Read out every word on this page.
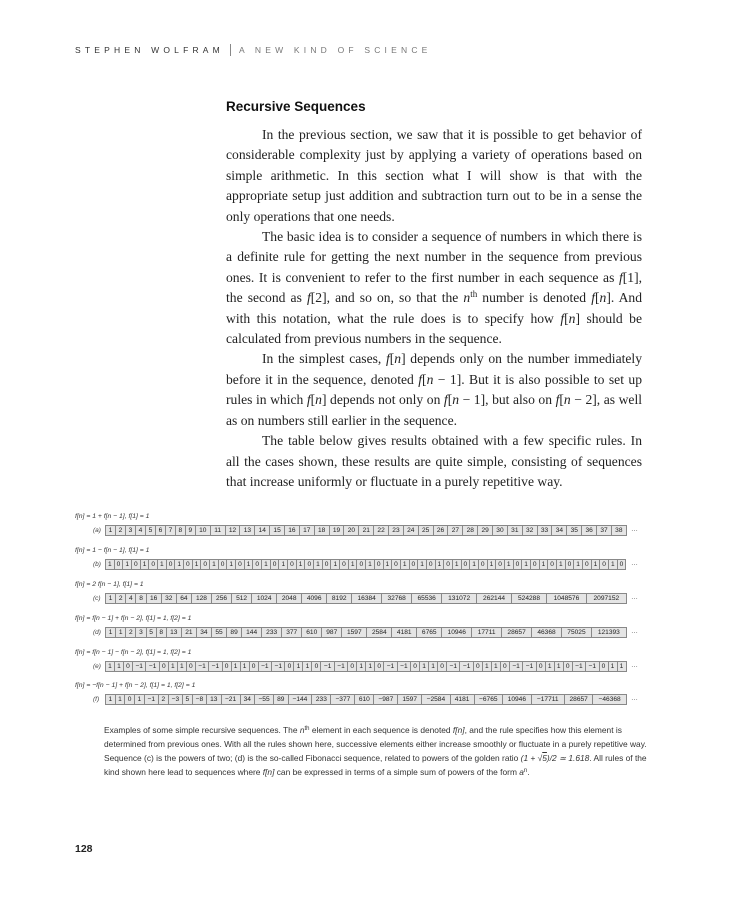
STEPHEN WOLFRAM A NEW KIND OF SCIENCE
Recursive Sequences

In the previous section, we saw that it is possible to get behavior of considerable complexity just by applying a variety of operations based on simple arithmetic. In this section what I will show is that with the appropriate setup just addition and subtraction turn out to be in a sense the only operations that one needs.

The basic idea is to consider a sequence of numbers in which there is a definite rule for getting the next number in the sequence from previous ones. It is convenient to refer to the first number in each sequence as f[1], the second as f[2], and so on, so that the $n^{th}$ number is denoted f[n]. And with this notation, what the rule does is to specify how f[n] should be calculated from previous numbers in the sequence.

In the simplest cases, f[n] depends only on the number immediately before it in the sequence, denoted f[n − 1]. But it is also possible to set up rules in which f[n] depends not only on f[n − 1], but also on f[n − 2], as well as on numbers still earlier in the sequence.

The table below gives results obtained with a few specific rules. In all the cases shown, these results are quite simple, consisting of sequences that increase uniformly or fluctuate in a purely repetitive way.

f[n] = 1 + f[n − 1], f[1] = 1
(a)	1 2 3 4 5 6 7 8 9	10	11	12	13	14	15	16	17	18	19	20	21	22	23	24	25	26	27	28	29	30	31	32	33	34	35	36	37	38	…
f[n] = 1 − f[n − 1], f[1] = 1
(b)	1 0 1 0 1 0 1 0 1 0 1 0 1 0 1 0 1 0 1 0 1 0 1 0 1 0 1 0 1 0 1 0 1 0 1 0 1 0 1 0 1 0 1 0 1 0 1 0 1 0 1 0 1 0 1 0 1 0 1 0	…
f[n] = 2 f[n − 1], f[1] = 1
(c)	1 2 4 8	16	32	64	128	256	512	1024	2048	4096	8192	16384	32768	65536	131072	262144	524288	1048576	2097152	…
f[n] = f[n − 1] + f[n − 2], f[1] = 1, f[2] = 1
(d)	1 1 2 3 5 8	13	21	34	55	89	144	233	377	610	987	1597	2584	4181	6765	10946	17711	28657	46368	75025	121393	…
f[n] = f[n − 1] − f[n − 2], f[1] = 1, f[2] = 1
(e)	1 1 0 −1 −1 0 1 1 0 −1 −1 0 1 1 0 −1 −1 0 1 1 0 −1 −1 0 1 1 0 −1 −1 0 1 1 0 −1 −1 0 1 1 0 −1 −1 0 1 1 0 −1 −1 0 1 1	…
f[n] = −f[n − 1] + f[n − 2], f[1] = 1, f[2] = 1
(f)	1 1 0 1 −1 2 −3 5 −8	13	−21	34	−55	89	−144	233	−377	610	−987	1597	−2584	4181	−6765	10946	−17711	28657	−46368	…
Examples of some simple recursive sequences. The $n^{th}$ element in each sequence is denoted f[n], and the rule specifies how this element is determined from previous ones. With all the rules shown here, successive elements either increase smoothly or fluctuate in a purely repetitive way. Sequence (c) is the powers of two; (d) is the so-called Fibonacci sequence, related to powers of the golden ratio (1 + √5)/2 ≃ 1.618. All rules of the kind shown here lead to sequences where f[n] can be expressed in terms of a simple sum of powers of the form $a^n$.
128
